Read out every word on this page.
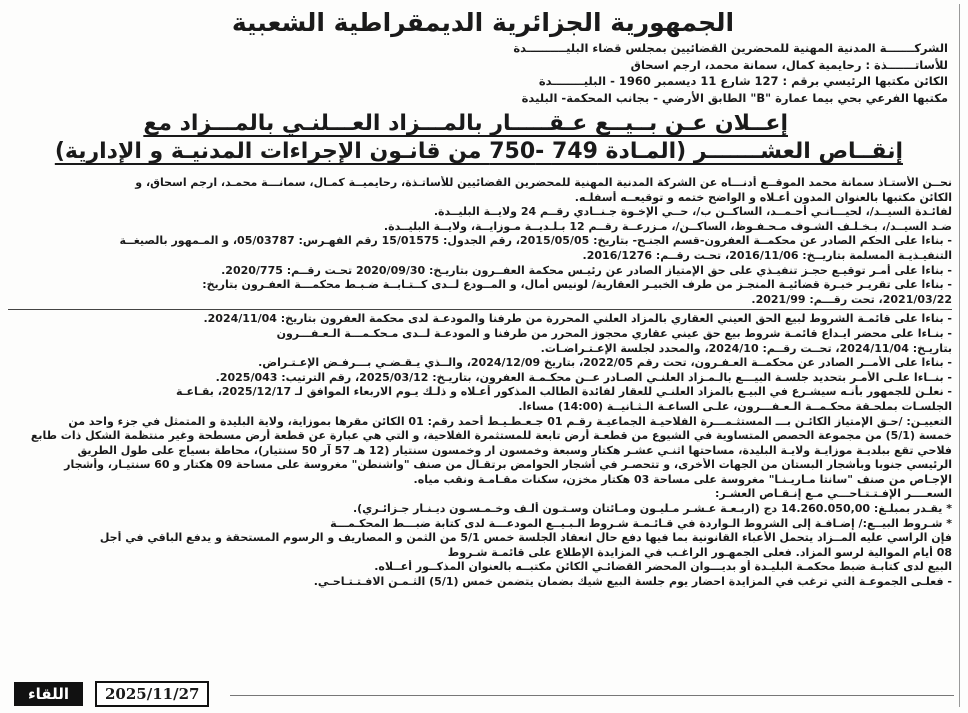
الجمهورية الجزائرية الديمقراطية الشعبية
الشركـــــــة المدنية المهنية للمحضرين القضائيين بمجلس قضاء البليــــــــــدة
للأساتـــــــذة : رحايمية كمال، سمانة محمد، ارجم اسحاق
الكائن مكتبها الرئيسي برقم : 127 شارع 11 ديسمبر 1960 - البليــــــــدة
مكتبها الفرعي بحي بيما عمارة "B" الطابق الأرضي - بجانب المحكمة- البليدة
إعــلان عـن بــيــع عـقـــــار بالمـــزاد العـــلنـي بالمـــزاد مع
إنقــاص العشـــــــر (المـادة 749 -750 من قانـون الإجراءات المدنيـة و الإدارية)
نحــن الأستـاذ سمانة محمد الموقــع أدنـــاه عن الشركة المدنية المهنية للمحضرين القضائيين للأساتـذة، رحايميــة كمـال، سمانـــة محمـد، ارجم اسحاق، و
الكائن مكتبها بالعنوان المدون أعـلاه و الواضح ختمه و توقيعــه أسفلـه.
لفائـدة السيــد/، لحيـــانـي أحـمــد، الساكــن ب/، حــي الإخـوة جـنــادي رقــم 24 ولايــة البليــدة.
ضـد السيــد/، بـخـلـف الشـوف مـحـفـوظ، الساكــن/، مـزرعــة رقــم 12 بـلـديــة مـوزايــة، ولايــة البليــدة.
- بناءا على الحكم الصادر عن محكمــة العفرون-قسم الجنـح- بتاريخ: 2015/05/05، رقم الجدول: 15/01575 رقم الفهـرس: 05/03787، و المـمهور بالصيغــة
التنفيـذيـة المسلمة بتاريــخ: 2016/11/06، تحـت رقــم: 2016/1276.
- بناءا على أمـر توقيـع حجـز تنفيـذي على حق الإمتياز الصادر عن رئيـس محكمة العفــرون بتاريـخ: 2020/09/30 تحـت رقــم: 2020/775.
- بناءا على تقريـر خبـرة قضائيـة المنجـز من طرف الخبيـر العقارية/ لونيس أمال، و المــودع لــدى كــتـابــة ضـبـط محكمـــة العفـرون بتاريخ:
2021/03/22، تحت رقـــم: 2021/99.
- بناءا على قائمـة الشروط لبيع الحق العيني العقاري بالمزاد العلني المحررة من طرفنا والمودعـة لدى محكمة العفرون بتاريخ: 2024/11/04.
- بنـاءا على محضر ايـداع قائمـة شروط بيع حق عيني عقاري محجوز المحرر من طرفنا و المودعـة لــدى مـحكـمـــة الـعـفـــرون
بتاريـخ: 2024/11/04، تحــت رقــم: 2024/10، والمحدد لجلسة الإعـتـراضـات.
- بناءا على الأمــر الصادر عن محكمــة العـفـرون، تحت رقم 2022/05، بتاريخ 2024/12/09، والــذي يـقـضـي بـــرفـض الإعـتـراض.
- بنــاءا علـى الأمـر بتحديد جلسـة البيـــع بالـمـزاد العلنـي الصـادر عــن محكـمـة العفرون، بتاريـخ: 2025/03/12، رقم الترتيب: 2025/043.
- نعلـن للجمهور بأنـه سيشـرع في البيـع بالمزاد العلنـي للعقار لفائدة الطالب المذكور أعـلاه و ذلـك يـوم الاربعاء الموافق لـ 2025/12/17، بقـاعـة
الجلسـات بملحـقة محكـمــة الـعـفـــرون، علـى الساعـة الـثـانيــة (14:00) مساءا.
التعييـن: /حـق الإمتياز الكائـن بـــ المستثـمـــرة الفلاحيـة الجماعيـة رقـم 01 جـعـطـيـط أحمد رقم: 01 الكائن مقرها بموزاية، ولاية البليدة و المتمثل في جزء واحد من
خمسة (5/1) من مجموعة الحصص المتساوية في الشيوع من قطعـة أرض تابعة للمستثمرة الفلاحية، و التي هي عبارة عن قطعة أرض مسطحة وغير منتظمة الشكل ذات طابع
فلاحي تقع ببلديـة موزايـة ولايـة البليدة، مساحتها اثنـي عشـر هكتار وسبعة وخمسون ار وخمسون سنتيار (12 هـ 57 آر 50 سنتيار)، محاطة بسياج على طول الطريق
الرئيسي جنوبا وبأشجار البستان من الجهات الأخرى، و تتحصـر في أشجار الحوامض برتقـال من صنف "واشنطن" مغروسة على مساحة 09 هكتار و 60 سنتيـار، وأشجار
الإجـاص من صنف "سانتا مـاريـنـا" مغروسة على مساحة 03 هكتار مخزن، سكنات مقـامـة ونقب مياه.
السعــــر الإفـتـتـاحـــي مـع إنـقـاص العشـر:
* يقـدر بمبلـغ: 14.260.050,00 دج (اربـعـة عـشـر مـليـون ومـائتان وسـتـون ألـف وخـمـسـون ديـنـار جـزائـري).
* شـروط البيــع:/ إضـافـة إلى الشروط الـواردة في قـائـمـة شـروط الـبـيــع المودعـــة لدى كتابة ضبـــط المحكـمـــة
فإن الراسي عليه المــزاد يتحمل الأعباء القانونية بما فيها دفع حال انعقاد الجلسة خمس 5/1 من الثمن و المصاريف و الرسوم المستحقة و يدفع الباقي في أجل
08 أيام الموالية لرسو المزاد. فعلى الجمهـور الراغـب في المزايدة الإطلاع على قائمـة شـروط
البيع لدى كتابـة ضبط محكمـة البليـدة أو بديـــوان المحضر القضائـي الكائن مكتبــه بالعنوان المذكــور أعــلاه.
- فعلـى الجموعـة التي ترغب في المزايدة احضار يوم جلسة البيع شيك بضمان يتضمن خمس (5/1) الثـمـن الافـتـتـاحـي.
اللقاء	2025/11/27
